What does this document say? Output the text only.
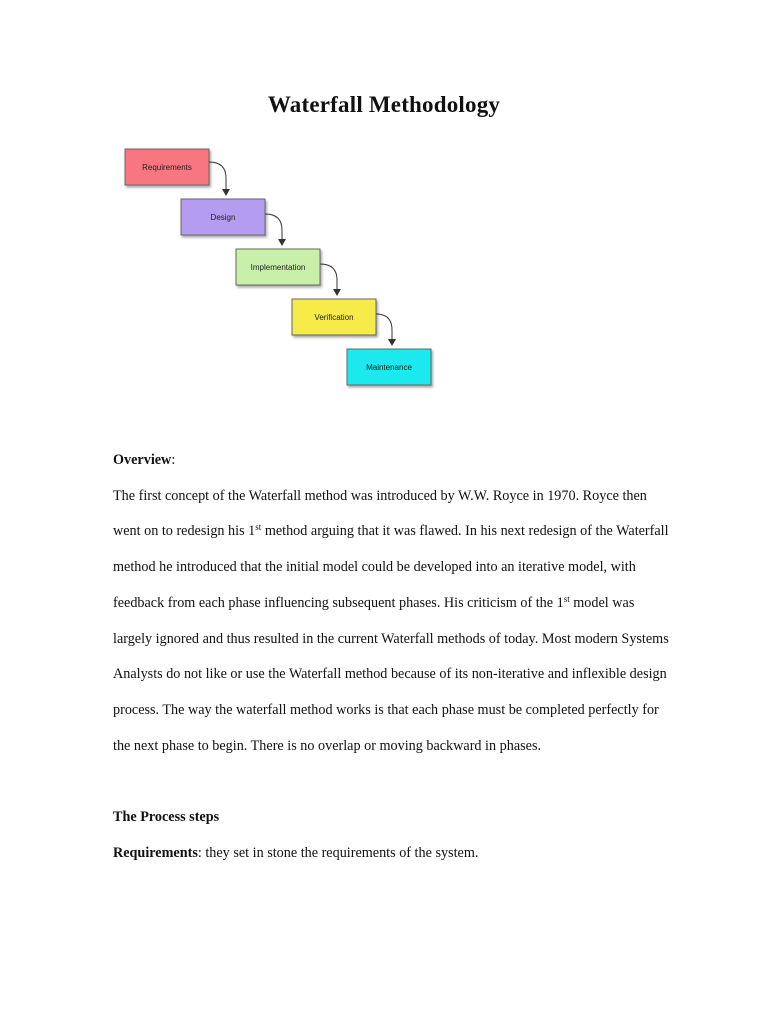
Waterfall Methodology
Requirements
Design
Implementation
Verification
Maintenance

Overview:

The first concept of the Waterfall method was introduced by W.W. Royce in 1970. Royce then went on to redesign his 1st method arguing that it was flawed. In his next redesign of the Waterfall method he introduced that the initial model could be developed into an iterative model, with feedback from each phase influencing subsequent phases. His criticism of the 1st model was largely ignored and thus resulted in the current Waterfall methods of today. Most modern Systems Analysts do not like or use the Waterfall method because of its non-iterative and inflexible design process. The way the waterfall method works is that each phase must be completed perfectly for the next phase to begin. There is no overlap or moving backward in phases.

The Process steps

Requirements: they set in stone the requirements of the system.
